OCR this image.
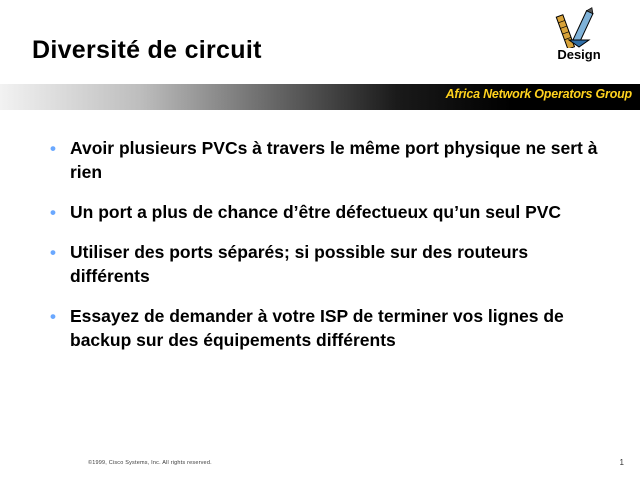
Diversité de circuit	Design
Africa Network Operators Group
• Avoir plusieurs PVCs à travers le même port physique ne sert à rien
• Un port a plus de chance d’être défectueux qu’un seul PVC
• Utiliser des ports séparés; si possible sur des routeurs différents
• Essayez de demander à votre ISP de terminer vos lignes de backup sur des équipements différents
©1999, Cisco Systems, Inc. All rights reserved.	1
